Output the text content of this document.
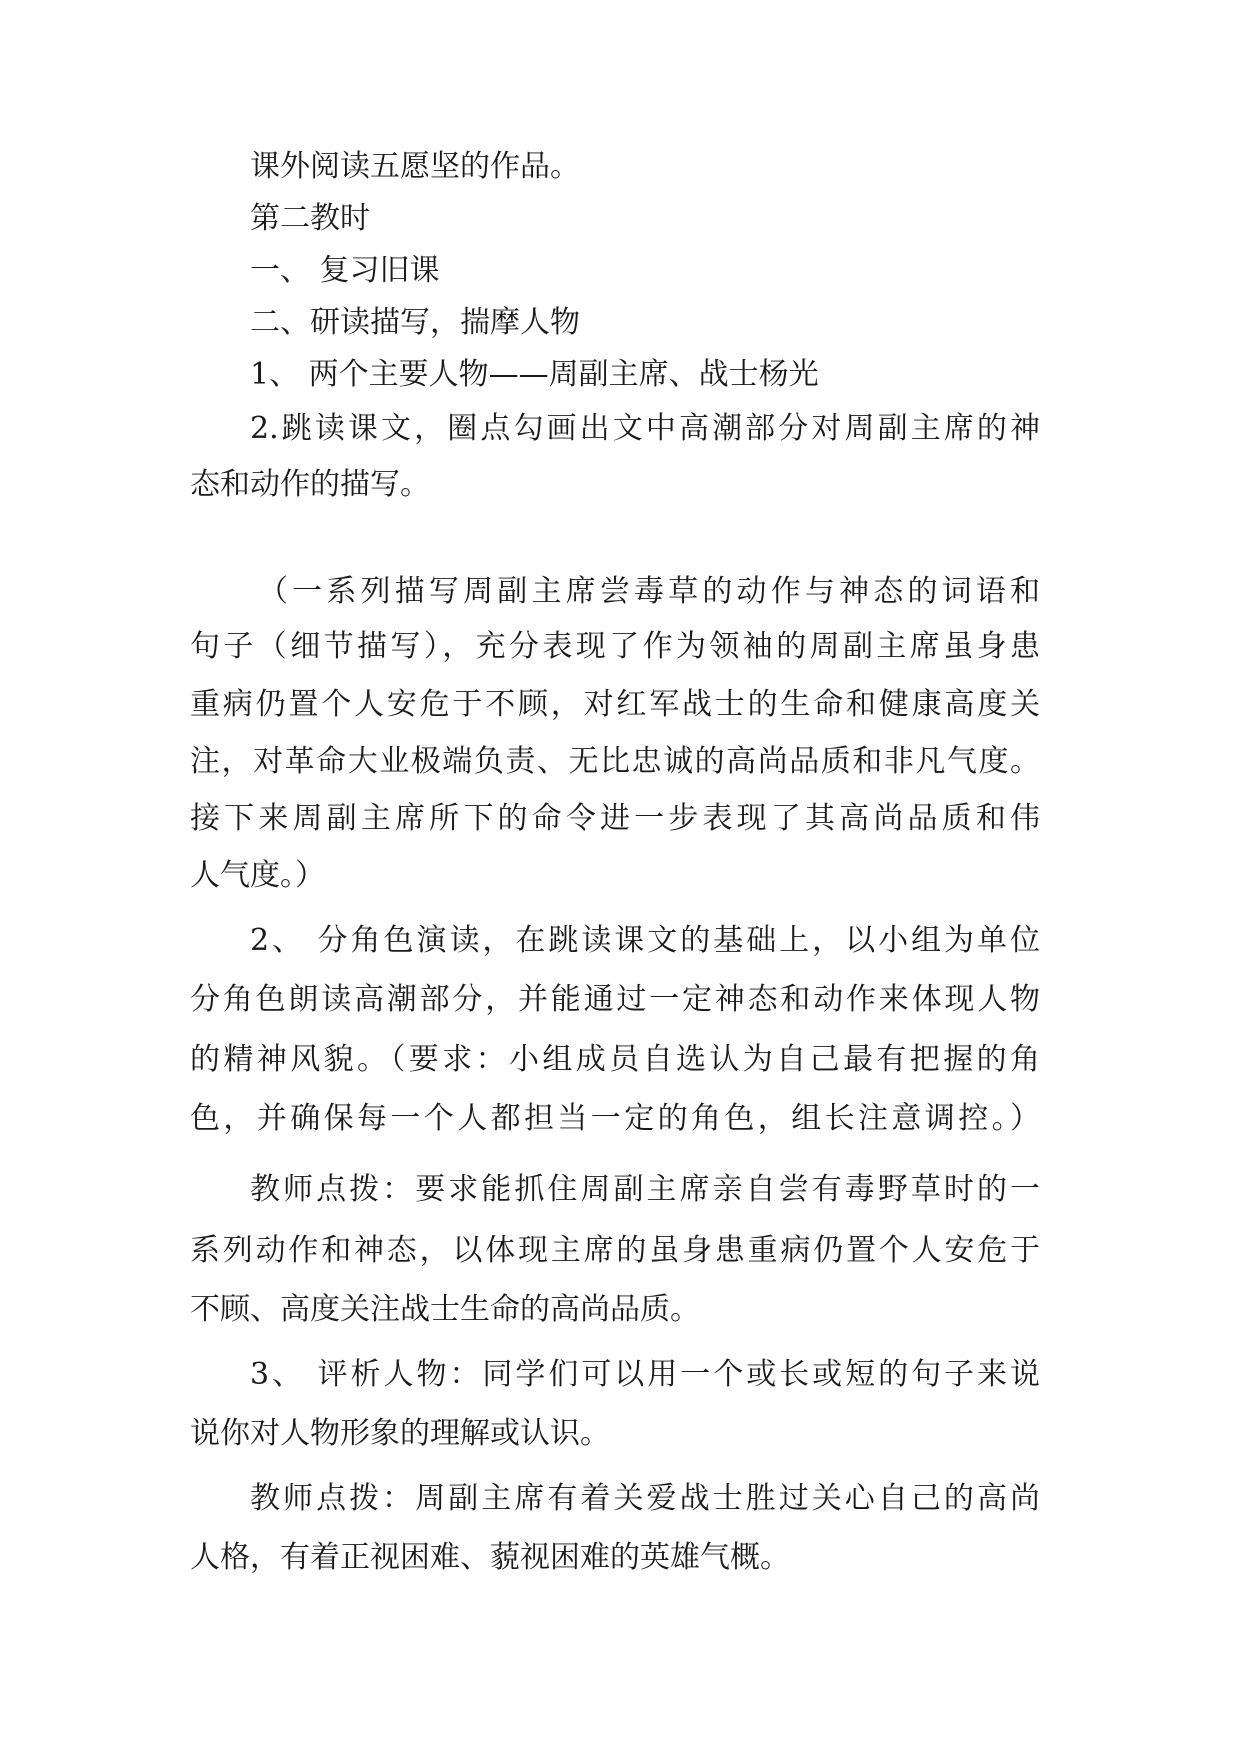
课外阅读五愿坚的作品。
第二教时
一、 复习旧课
二、研读描写，揣摩人物
1、 两个主要人物——周副主席、战士杨光
2.跳读课文，圈点勾画出文中高潮部分对周副主席的神
态和动作的描写。
（一系列描写周副主席尝毒草的动作与神态的词语和
句子（细节描写），充分表现了作为领袖的周副主席虽身患
重病仍置个人安危于不顾，对红军战士的生命和健康高度关
注，对革命大业极端负责、无比忠诚的高尚品质和非凡气度。
接下来周副主席所下的命令进一步表现了其高尚品质和伟
人气度。）
2、 分角色演读，在跳读课文的基础上，以小组为单位
分角色朗读高潮部分，并能通过一定神态和动作来体现人物
的精神风貌。（要求：小组成员自选认为自己最有把握的角
色，并确保每一个人都担当一定的角色，组长注意调控。）
教师点拨：要求能抓住周副主席亲自尝有毒野草时的一
系列动作和神态，以体现主席的虽身患重病仍置个人安危于
不顾、高度关注战士生命的高尚品质。
3、 评析人物：同学们可以用一个或长或短的句子来说
说你对人物形象的理解或认识。
教师点拨：周副主席有着关爱战士胜过关心自己的高尚
人格，有着正视困难、藐视困难的英雄气概。
